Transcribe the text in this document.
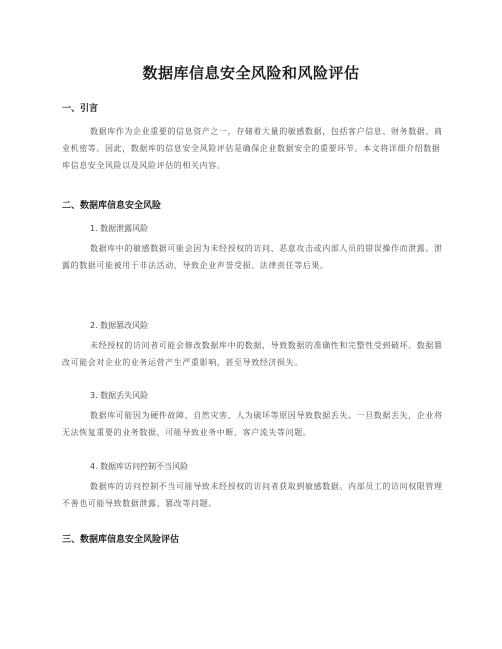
数据库信息安全风险和风险评估
一、引言
数据库作为企业重要的信息资产之一，存储着大量的敏感数据，包括客户信息、财务数据、商业机密等。因此，数据库的信息安全风险评估是确保企业数据安全的重要环节。本文将详细介绍数据库信息安全风险以及风险评估的相关内容。
二、数据库信息安全风险
1. 数据泄露风险
数据库中的敏感数据可能会因为未经授权的访问、恶意攻击或内部人员的错误操作而泄露。泄露的数据可能被用于非法活动，导致企业声誉受损、法律责任等后果。
2. 数据篡改风险
未经授权的访问者可能会修改数据库中的数据，导致数据的准确性和完整性受到破坏。数据篡改可能会对企业的业务运营产生严重影响，甚至导致经济损失。
3. 数据丢失风险
数据库可能因为硬件故障、自然灾害、人为破坏等原因导致数据丢失。一旦数据丢失，企业将无法恢复重要的业务数据，可能导致业务中断、客户流失等问题。
4. 数据库访问控制不当风险
数据库的访问控制不当可能导致未经授权的访问者获取到敏感数据。内部员工的访问权限管理不善也可能导致数据泄露、篡改等问题。
三、数据库信息安全风险评估
